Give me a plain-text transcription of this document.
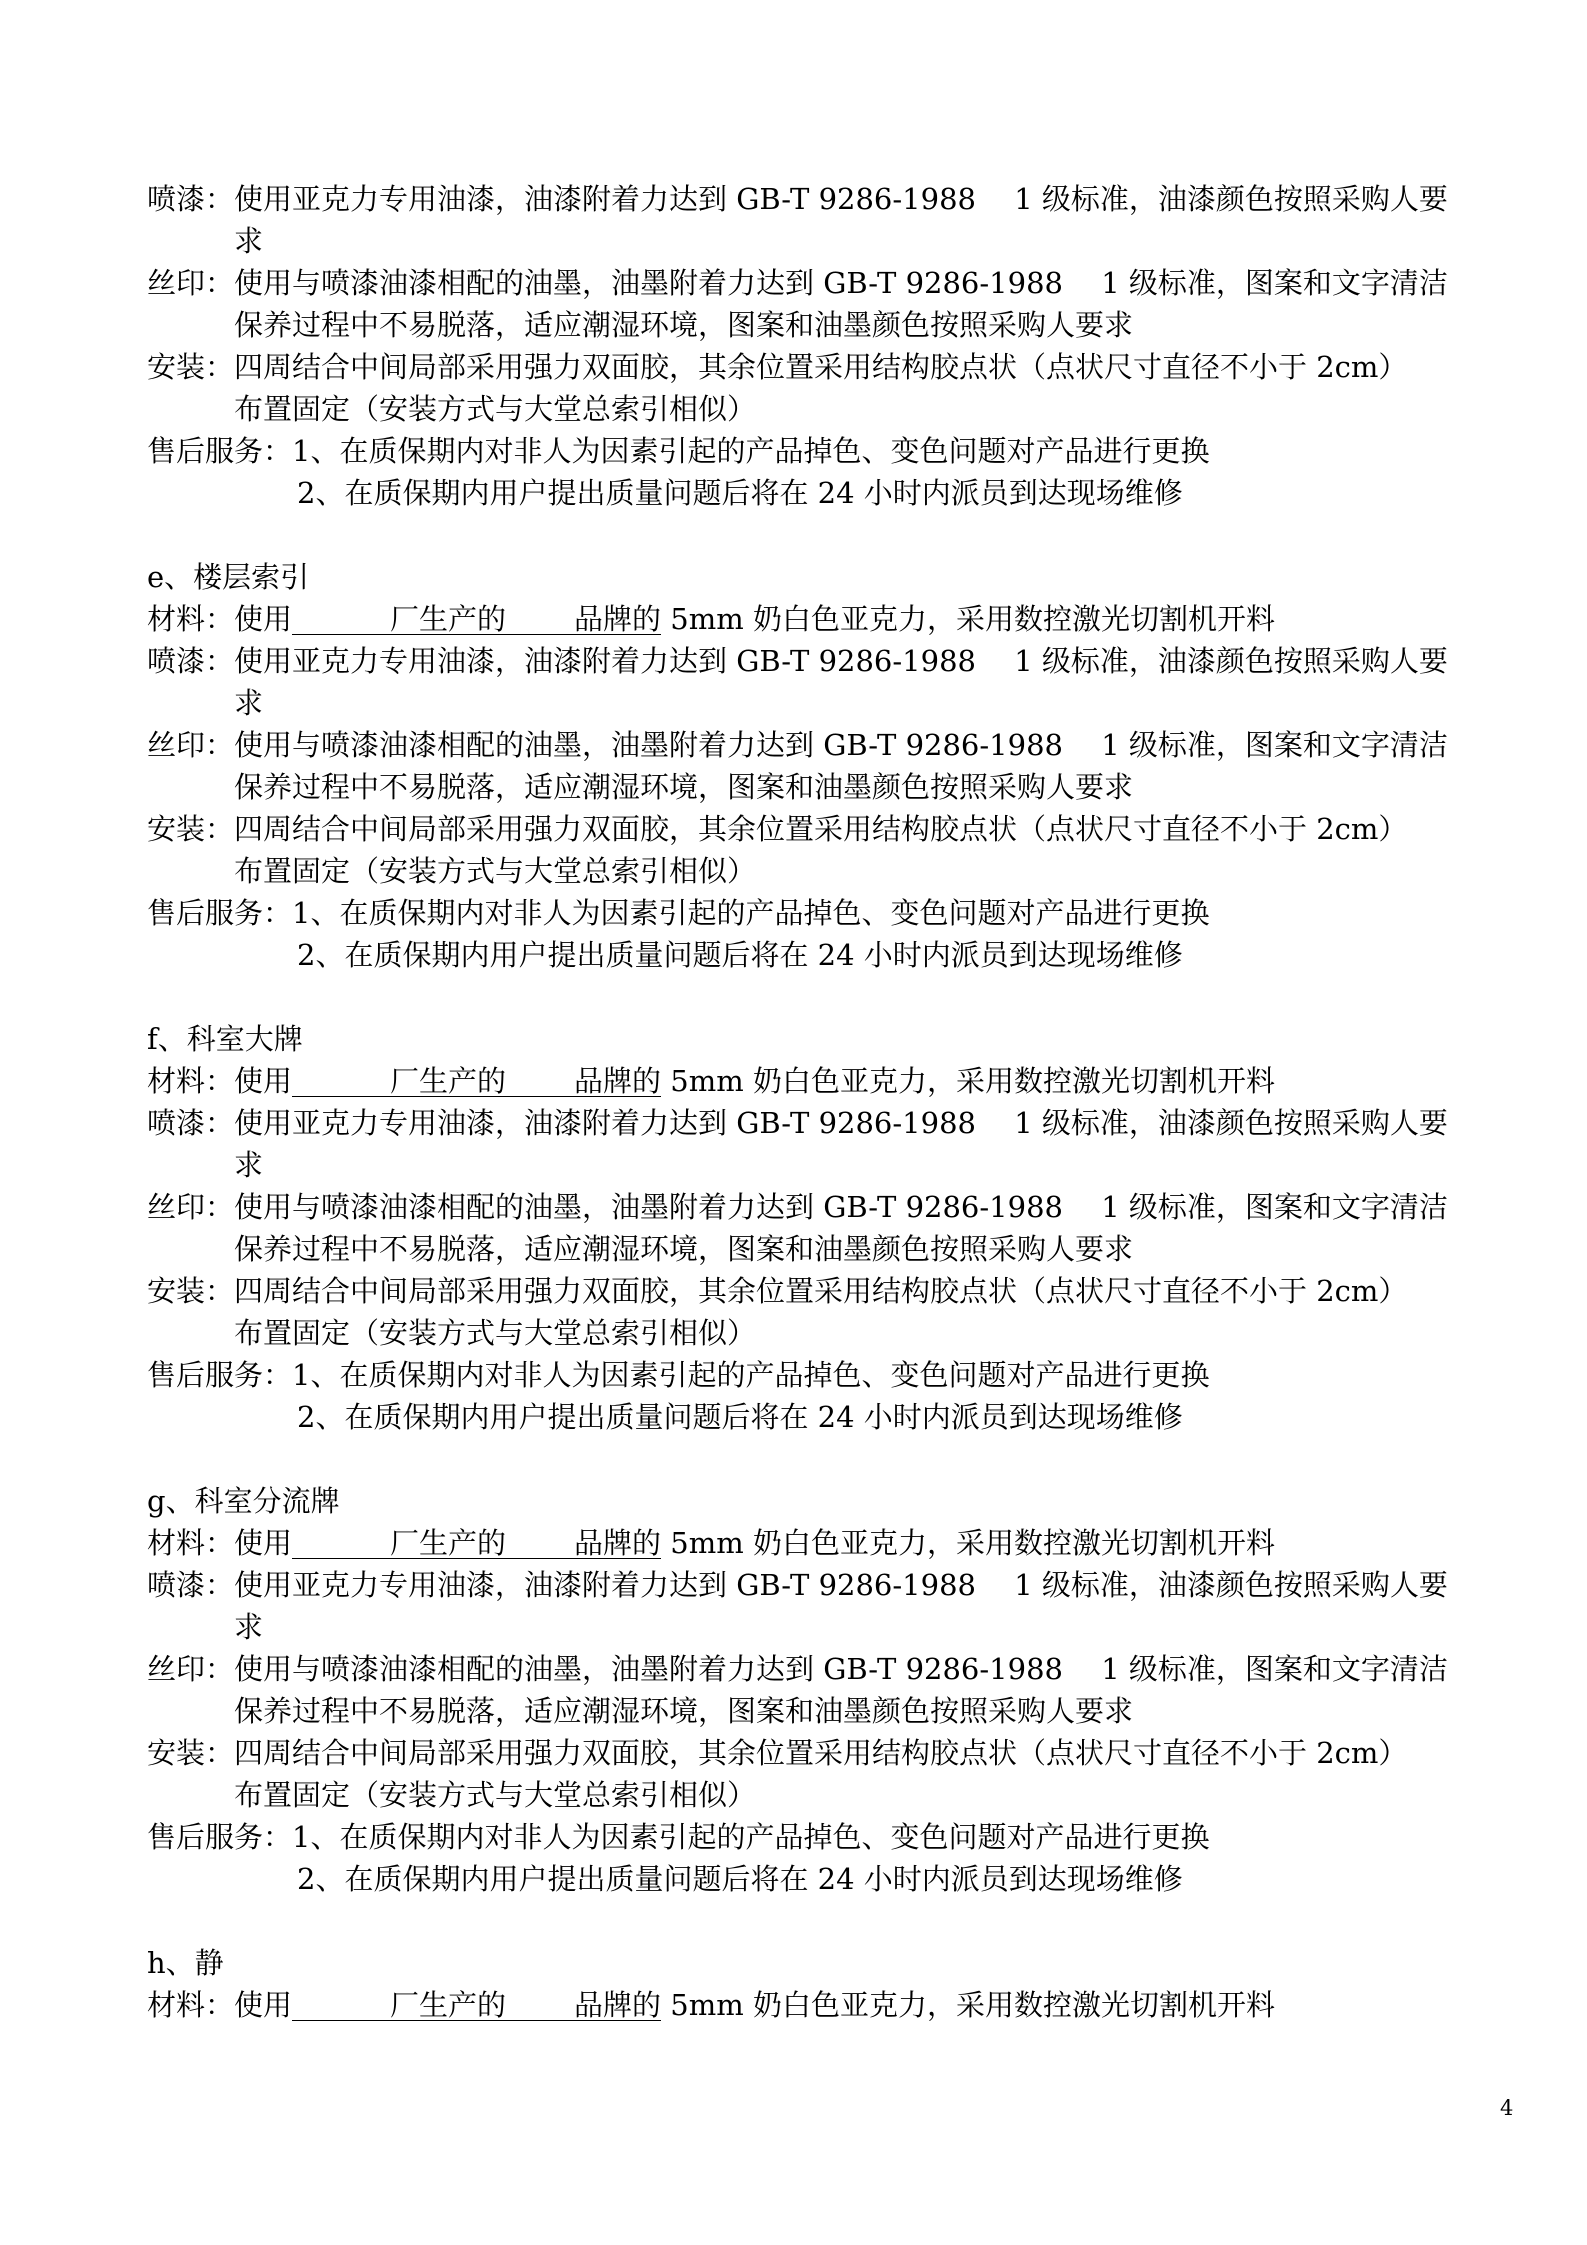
喷漆： 使用亚克力专用油漆，油漆附着力达到 GB-T 9286-1988　 1 级标准，油漆颜色按照采购人要
求
丝印： 使用与喷漆油漆相配的油墨，油墨附着力达到 GB-T 9286-1988　 1 级标准，图案和文字清洁
保养过程中不易脱落，适应潮湿环境，图案和油墨颜色按照采购人要求
安装： 四周结合中间局部采用强力双面胶，其余位置采用结构胶点状（点状尺寸直径不小于 2cm）
布置固定（安装方式与大堂总索引相似）
售后服务：1、在质保期内对非人为因素引起的产品掉色、变色问题对产品进行更换
2、在质保期内用户提出质量问题后将在 24 小时内派员到达现场维修
e、楼层索引
材料：使用	厂生产的 品牌的 5mm 奶白色亚克力，采用数控激光切割机开料
喷漆： 使用亚克力专用油漆，油漆附着力达到 GB-T 9286-1988　 1 级标准，油漆颜色按照采购人要
求
丝印： 使用与喷漆油漆相配的油墨，油墨附着力达到 GB-T 9286-1988　 1 级标准，图案和文字清洁
保养过程中不易脱落，适应潮湿环境，图案和油墨颜色按照采购人要求
安装： 四周结合中间局部采用强力双面胶，其余位置采用结构胶点状（点状尺寸直径不小于 2cm）
布置固定（安装方式与大堂总索引相似）
售后服务：1、在质保期内对非人为因素引起的产品掉色、变色问题对产品进行更换
2、在质保期内用户提出质量问题后将在 24 小时内派员到达现场维修
f、科室大牌
材料：使用	厂生产的 品牌的 5mm 奶白色亚克力，采用数控激光切割机开料
喷漆： 使用亚克力专用油漆，油漆附着力达到 GB-T 9286-1988　 1 级标准，油漆颜色按照采购人要
求
丝印： 使用与喷漆油漆相配的油墨，油墨附着力达到 GB-T 9286-1988　 1 级标准，图案和文字清洁
保养过程中不易脱落，适应潮湿环境，图案和油墨颜色按照采购人要求
安装： 四周结合中间局部采用强力双面胶，其余位置采用结构胶点状（点状尺寸直径不小于 2cm）
布置固定（安装方式与大堂总索引相似）
售后服务：1、在质保期内对非人为因素引起的产品掉色、变色问题对产品进行更换
2、在质保期内用户提出质量问题后将在 24 小时内派员到达现场维修
g、科室分流牌
材料：使用	厂生产的 品牌的 5mm 奶白色亚克力，采用数控激光切割机开料
喷漆： 使用亚克力专用油漆，油漆附着力达到 GB-T 9286-1988　 1 级标准，油漆颜色按照采购人要
求
丝印： 使用与喷漆油漆相配的油墨，油墨附着力达到 GB-T 9286-1988　 1 级标准，图案和文字清洁
保养过程中不易脱落，适应潮湿环境，图案和油墨颜色按照采购人要求
安装： 四周结合中间局部采用强力双面胶，其余位置采用结构胶点状（点状尺寸直径不小于 2cm）
布置固定（安装方式与大堂总索引相似）
售后服务：1、在质保期内对非人为因素引起的产品掉色、变色问题对产品进行更换
2、在质保期内用户提出质量问题后将在 24 小时内派员到达现场维修
h、静
材料：使用	厂生产的 品牌的 5mm 奶白色亚克力，采用数控激光切割机开料
4
